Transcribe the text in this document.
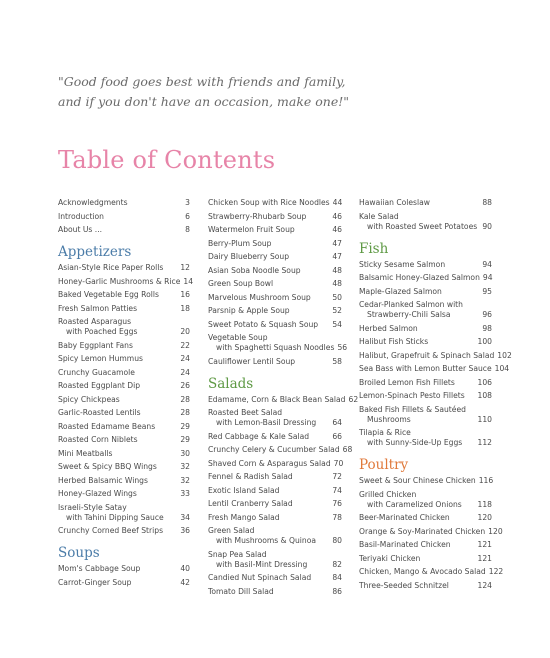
"Good food goes best with friends and family,
and if you don't have an occasion, make one!"
Table of Contents
Acknowledgments	3
Introduction	6
About Us ...	8
Appetizers
Asian-Style Rice Paper Rolls	12
Honey-Garlic Mushrooms & Rice 14
Baked Vegetable Egg Rolls	16
Fresh Salmon Patties	18
Roasted Asparagus
with Poached Eggs	20
Baby Eggplant Fans	22
Spicy Lemon Hummus	24
Crunchy Guacamole	24
Roasted Eggplant Dip	26
Spicy Chickpeas	28
Garlic-Roasted Lentils	28
Roasted Edamame Beans	29
Roasted Corn Niblets	29
Mini Meatballs	30
Sweet & Spicy BBQ Wings	32
Herbed Balsamic Wings	32
Honey-Glazed Wings	33
Israeli-Style Satay
with Tahini Dipping Sauce	34
Crunchy Corned Beef Strips	36
Soups
Mom's Cabbage Soup	40
Carrot-Ginger Soup	42
Chicken Soup with Rice Noodles 44
Strawberry-Rhubarb Soup	46
Watermelon Fruit Soup	46
Berry-Plum Soup	47
Dairy Blueberry Soup	47
Asian Soba Noodle Soup	48
Green Soup Bowl	48
Marvelous Mushroom Soup	50
Parsnip & Apple Soup	52
Sweet Potato & Squash Soup	54
Vegetable Soup
with Spaghetti Squash Noodles 56
Cauliflower Lentil Soup	58
Salads
Edamame, Corn & Black Bean Salad 62
Roasted Beet Salad
with Lemon-Basil Dressing	64
Red Cabbage & Kale Salad	66
Crunchy Celery & Cucumber Salad 68
Shaved Corn & Asparagus Salad 70
Fennel & Radish Salad	72
Exotic Island Salad	74
Lentil Cranberry Salad	76
Fresh Mango Salad	78
Green Salad
with Mushrooms & Quinoa	80
Snap Pea Salad
with Basil-Mint Dressing	82
Candied Nut Spinach Salad	84
Tomato Dill Salad	86
Hawaiian Coleslaw	88
Kale Salad
with Roasted Sweet Potatoes 90
Fish
Sticky Sesame Salmon	94
Balsamic Honey-Glazed Salmon 94
Maple-Glazed Salmon	95
Cedar-Planked Salmon with
Strawberry-Chili Salsa	96
Herbed Salmon	98
Halibut Fish Sticks	100
Halibut, Grapefruit & Spinach Salad 102
Sea Bass with Lemon Butter Sauce 104
Broiled Lemon Fish Fillets	106
Lemon-Spinach Pesto Fillets	108
Baked Fish Fillets & Sautéed
Mushrooms	110
Tilapia & Rice
with Sunny-Side-Up Eggs	112
Poultry
Sweet & Sour Chinese Chicken 116
Grilled Chicken
with Caramelized Onions	118
Beer-Marinated Chicken	120
Orange & Soy-Marinated Chicken 120
Basil-Marinated Chicken	121
Teriyaki Chicken	121
Chicken, Mango & Avocado Salad 122
Three-Seeded Schnitzel	124
